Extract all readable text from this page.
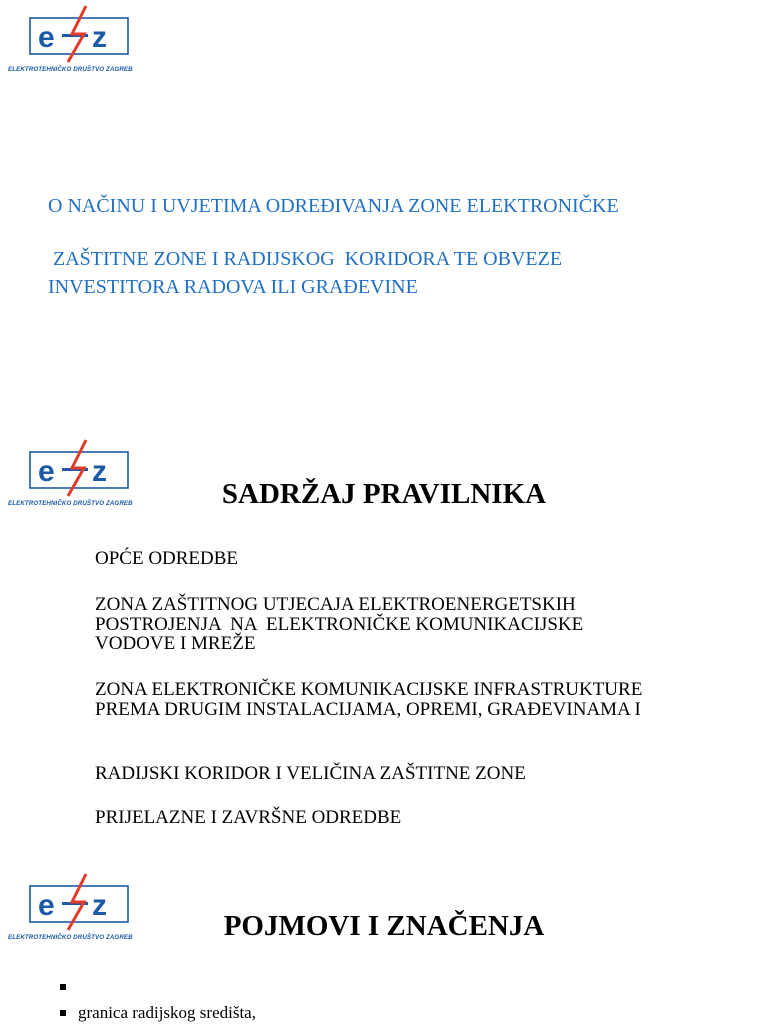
e z
ELEKTROTEHNIČKO DRUŠTVO ZAGREB
O NAČINU I UVJETIMA ODREĐIVANJA ZONE ELEKTRONIČKE
ZAŠTITNE ZONE I RADIJSKOG  KORIDORA TE OBVEZE
INVESTITORA RADOVA ILI GRAĐEVINE
e z
ELEKTROTEHNIČKO DRUŠTVO ZAGREB	SADRŽAJ PRAVILNIKA
OPĆE ODREDBE
ZONA ZAŠTITNOG UTJECAJA ELEKTROENERGETSKIH
POSTROJENJA  NA  ELEKTRONIČKE KOMUNIKACIJSKE
VODOVE I MREŽE
ZONA ELEKTRONIČKE KOMUNIKACIJSKE INFRASTRUKTURE
PREMA DRUGIM INSTALACIJAMA, OPREMI, GRAĐEVINAMA I
RADIJSKI KORIDOR I VELIČINA ZAŠTITNE ZONE
PRIJELAZNE I ZAVRŠNE ODREDBE
e z
ELEKTROTEHNIČKO DRUŠTVO ZAGREB	POJMOVI I ZNAČENJA
granica radijskog središta,
